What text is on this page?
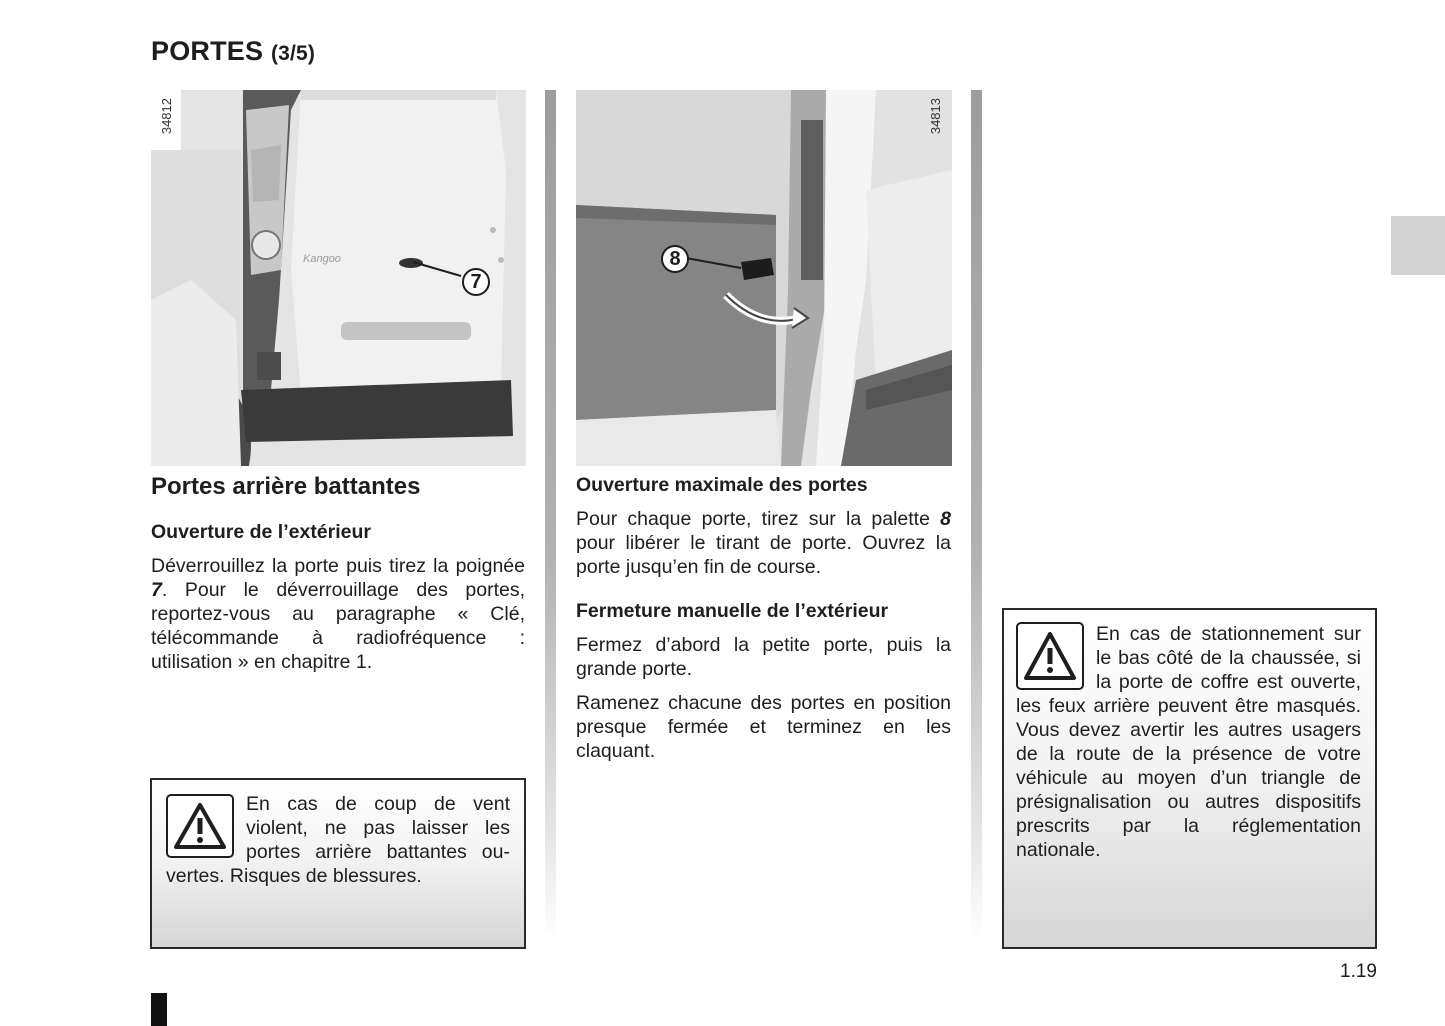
PORTES (3/5)
Kangoo
34812
7
34813
8
Portes arrière battantes
Ouverture de l’extérieur
Déverrouillez la porte puis tirez la poignée 7. Pour le déverrouillage des portes, reportez-vous au paragraphe « Clé, télécommande à radiofréquence : utilisation » en chapitre 1.

En cas de coup de vent violent, ne pas laisser les portes arrière battantes ouvertes. Risques de blessures.

Ouverture maximale des portes
Pour chaque porte, tirez sur la palette 8 pour libérer le tirant de porte. Ouvrez la porte jusqu’en fin de course.
Fermeture manuelle de l’extérieur
Fermez d’abord la petite porte, puis la grande porte.
Ramenez chacune des portes en position presque fermée et terminez en les claquant.

En cas de stationnement sur le bas côté de la chaussée, si la porte de coffre est ouverte, les feux arrière peuvent être masqués. Vous devez avertir les autres usagers de la route de la présence de votre véhicule au moyen d’un triangle de présignalisation ou autres dispositifs prescrits par la réglementation nationale.

1.19
